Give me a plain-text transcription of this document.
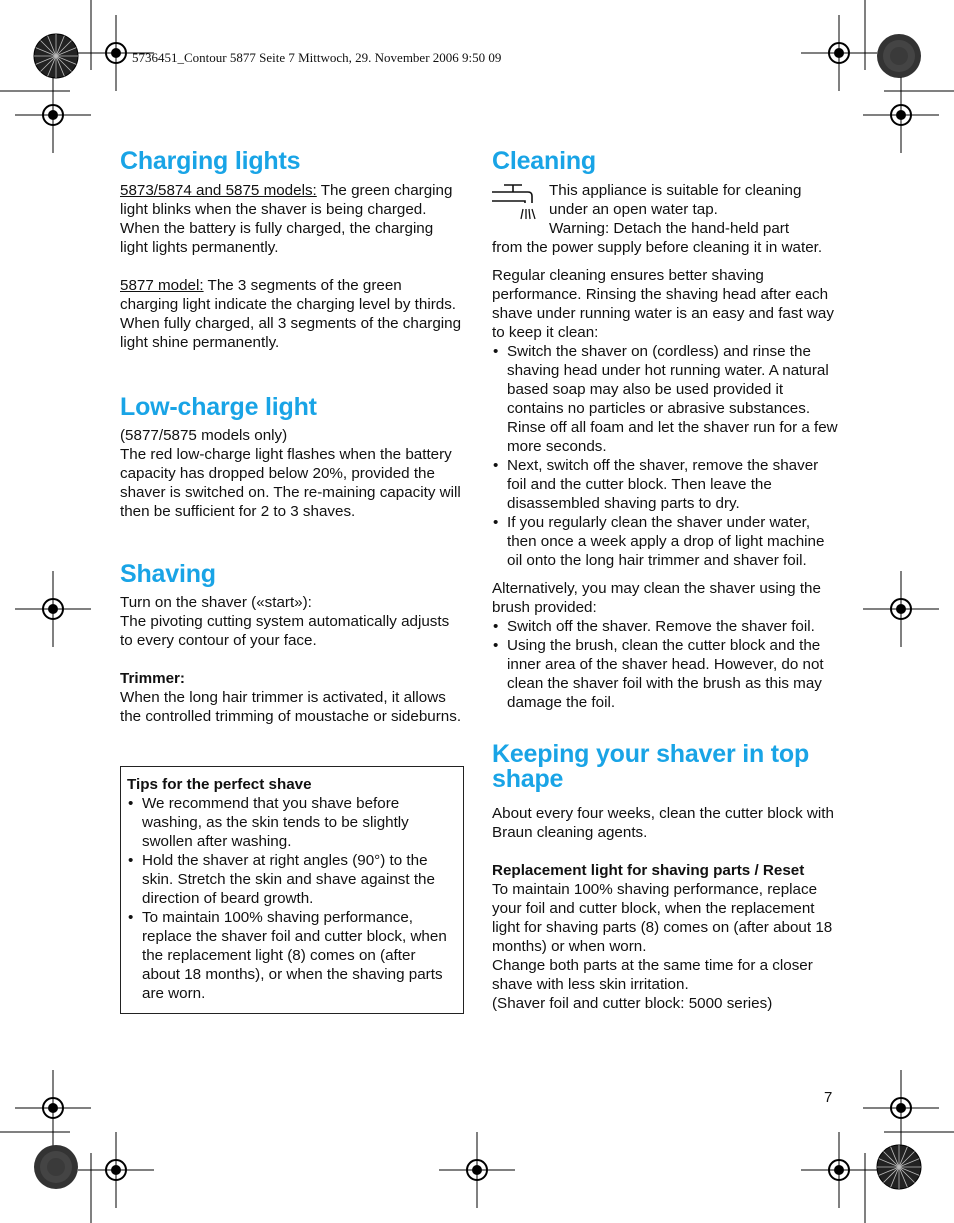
5736451_Contour 5877 Seite 7 Mittwoch, 29. November 2006 9:50 09
Charging lights

5873/5874 and 5875 models: The green charging light blinks when the shaver is being charged. When the battery is fully charged, the charging light lights permanently.

5877 model: The 3 segments of the green charging light indicate the charging level by thirds. When fully charged, all 3 segments of the charging light shine permanently.

Low-charge light

(5877/5875 models only)

The red low-charge light flashes when the battery capacity has dropped below 20%, provided the shaver is switched on. The re-maining capacity will then be sufficient for 2 to 3 shaves.

Shaving

Turn on the shaver («start»):

The pivoting cutting system automatically adjusts to every contour of your face.

Trimmer:

When the long hair trimmer is activated, it allows the controlled trimming of moustache or sideburns.

Tips for the perfect shave

• We recommend that you shave before washing, as the skin tends to be slightly swollen after washing.
• Hold the shaver at right angles (90°) to the skin. Stretch the skin and shave against the direction of beard growth.
• To maintain 100% shaving performance, replace the shaver foil and cutter block, when the replacement light (8) comes on (after about 18 months), or when the shaving parts are worn.
Cleaning

This appliance is suitable for cleaning under an open water tap.

Warning: Detach the hand-held part

from the power supply before cleaning it in water.

Regular cleaning ensures better shaving performance. Rinsing the shaving head after each shave under running water is an easy and fast way to keep it clean:

• Switch the shaver on (cordless) and rinse the shaving head under hot running water. A natural based soap may also be used provided it contains no particles or abrasive substances. Rinse off all foam and let the shaver run for a few more seconds.
• Next, switch off the shaver, remove the shaver foil and the cutter block. Then leave the disassembled shaving parts to dry.
• If you regularly clean the shaver under water, then once a week apply a drop of light machine oil onto the long hair trimmer and shaver foil.

Alternatively, you may clean the shaver using the brush provided:

• Switch off the shaver. Remove the shaver foil.
• Using the brush, clean the cutter block and the inner area of the shaver head. However, do not clean the shaver foil with the brush as this may damage the foil.
Keeping your shaver in top shape

About every four weeks, clean the cutter block with Braun cleaning agents.

Replacement light for shaving parts / Reset

To maintain 100% shaving performance, replace your foil and cutter block, when the replacement light for shaving parts (8) comes on (after about 18 months) or when worn.

Change both parts at the same time for a closer shave with less skin irritation.

(Shaver foil and cutter block: 5000 series)

7
